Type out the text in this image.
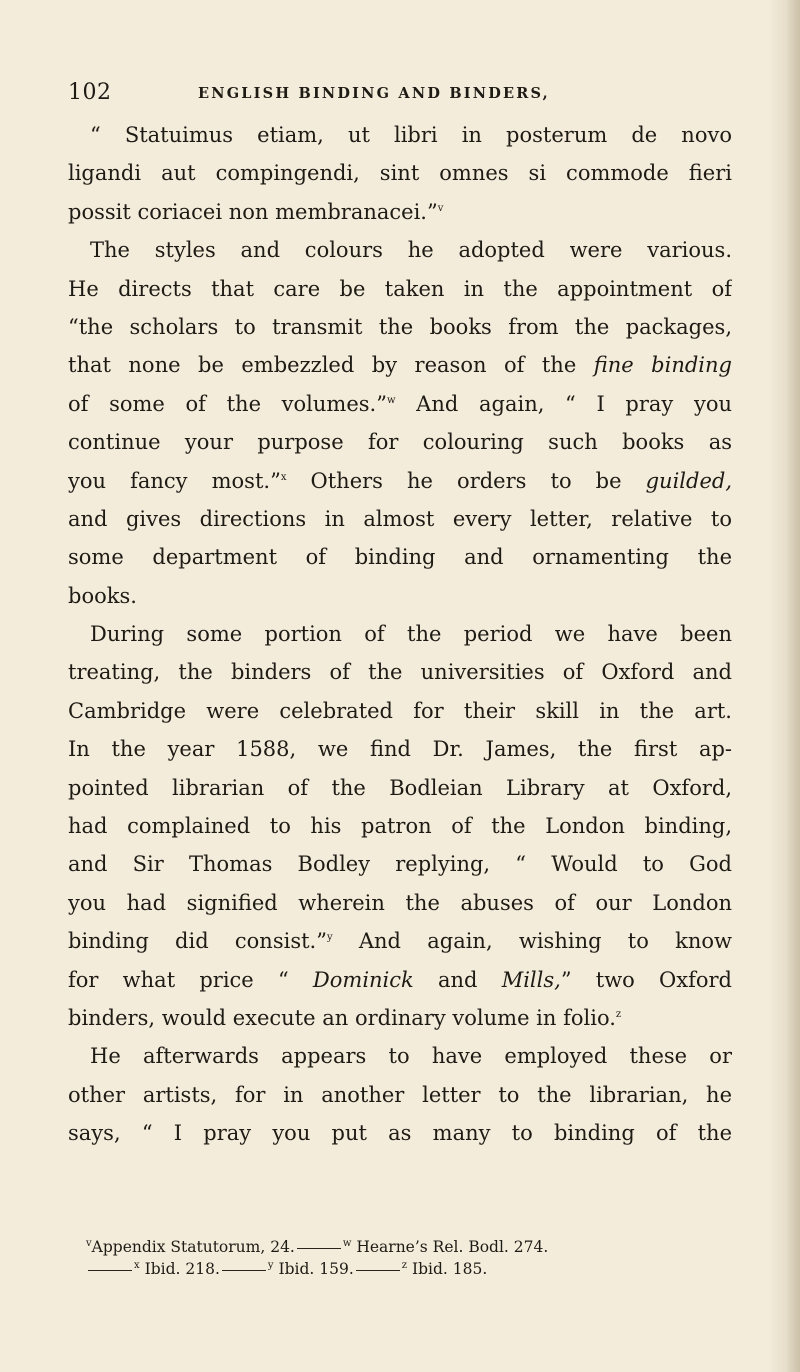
102	ENGLISH BINDING AND BINDERS,
“ Statuimus etiam, ut libri in posterum de novo
ligandi aut compingendi, sint omnes si commode fieri
possit coriacei non membranacei.”$^v$
The styles and colours he adopted were various.
He directs that care be taken in the appointment of
“the scholars to transmit the books from the packages,
that none be embezzled by reason of the fine binding
of some of the volumes.”$^w$ And again, “ I pray you
continue your purpose for colouring such books as
you fancy most.”$^x$ Others he orders to be guilded,
and gives directions in almost every letter, relative to
some department of binding and ornamenting the
books.
During some portion of the period we have been
treating, the binders of the universities of Oxford and
Cambridge were celebrated for their skill in the art.
In the year 1588, we find Dr. James, the first ap-
pointed librarian of the Bodleian Library at Oxford,
had complained to his patron of the London binding,
and Sir Thomas Bodley replying, “ Would to God
you had signified wherein the abuses of our London
binding did consist.”$^y$ And again, wishing to know
for what price “ Dominick and Mills,” two Oxford
binders, would execute an ordinary volume in folio.$^z$
He afterwards appears to have employed these or
other artists, for in another letter to the librarian, he
says, “ I pray you put as many to binding of the
$^v$Appendix Statutorum, 24.	$^w$ Hearne’s Rel. Bodl. 274.
$^x$ Ibid. 218.	$^y$ Ibid. 159.	$^z$ Ibid. 185.
